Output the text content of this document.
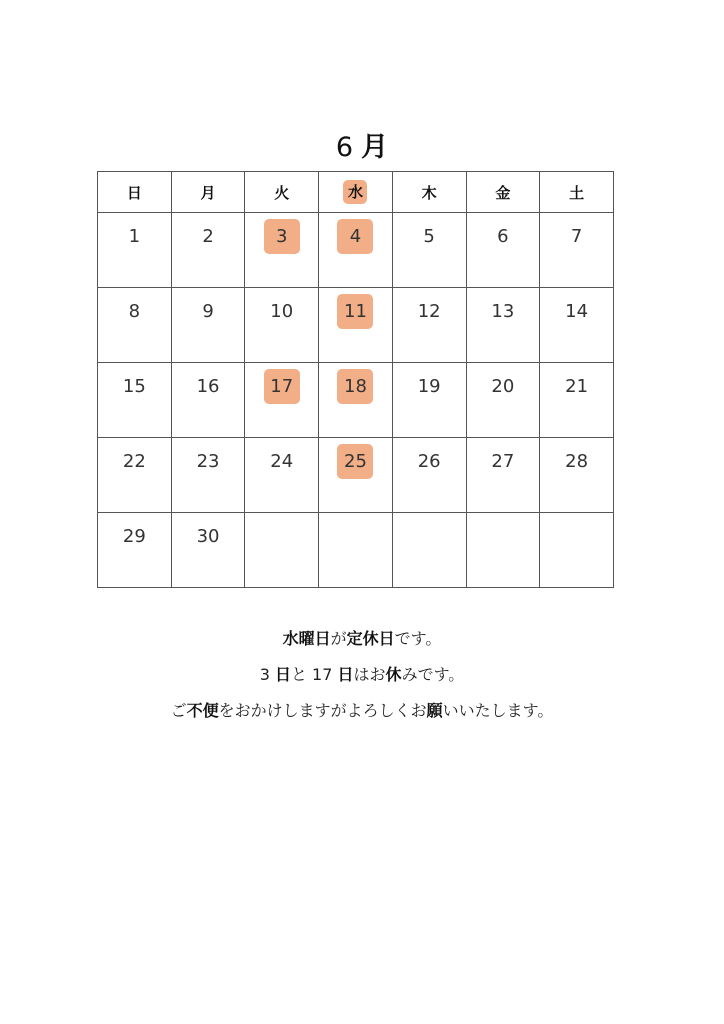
6 月
日	月	火	水	木	金	土
1	2	3	4	5	6	7
8	9	10	11	12	13	14
15	16	17	18	19	20	21
22	23	24	25	26	27	28
29	30					

水曜日が定休日です。

3 日と 17 日はお休みです。

ご不便をおかけしますがよろしくお願いいたします。
